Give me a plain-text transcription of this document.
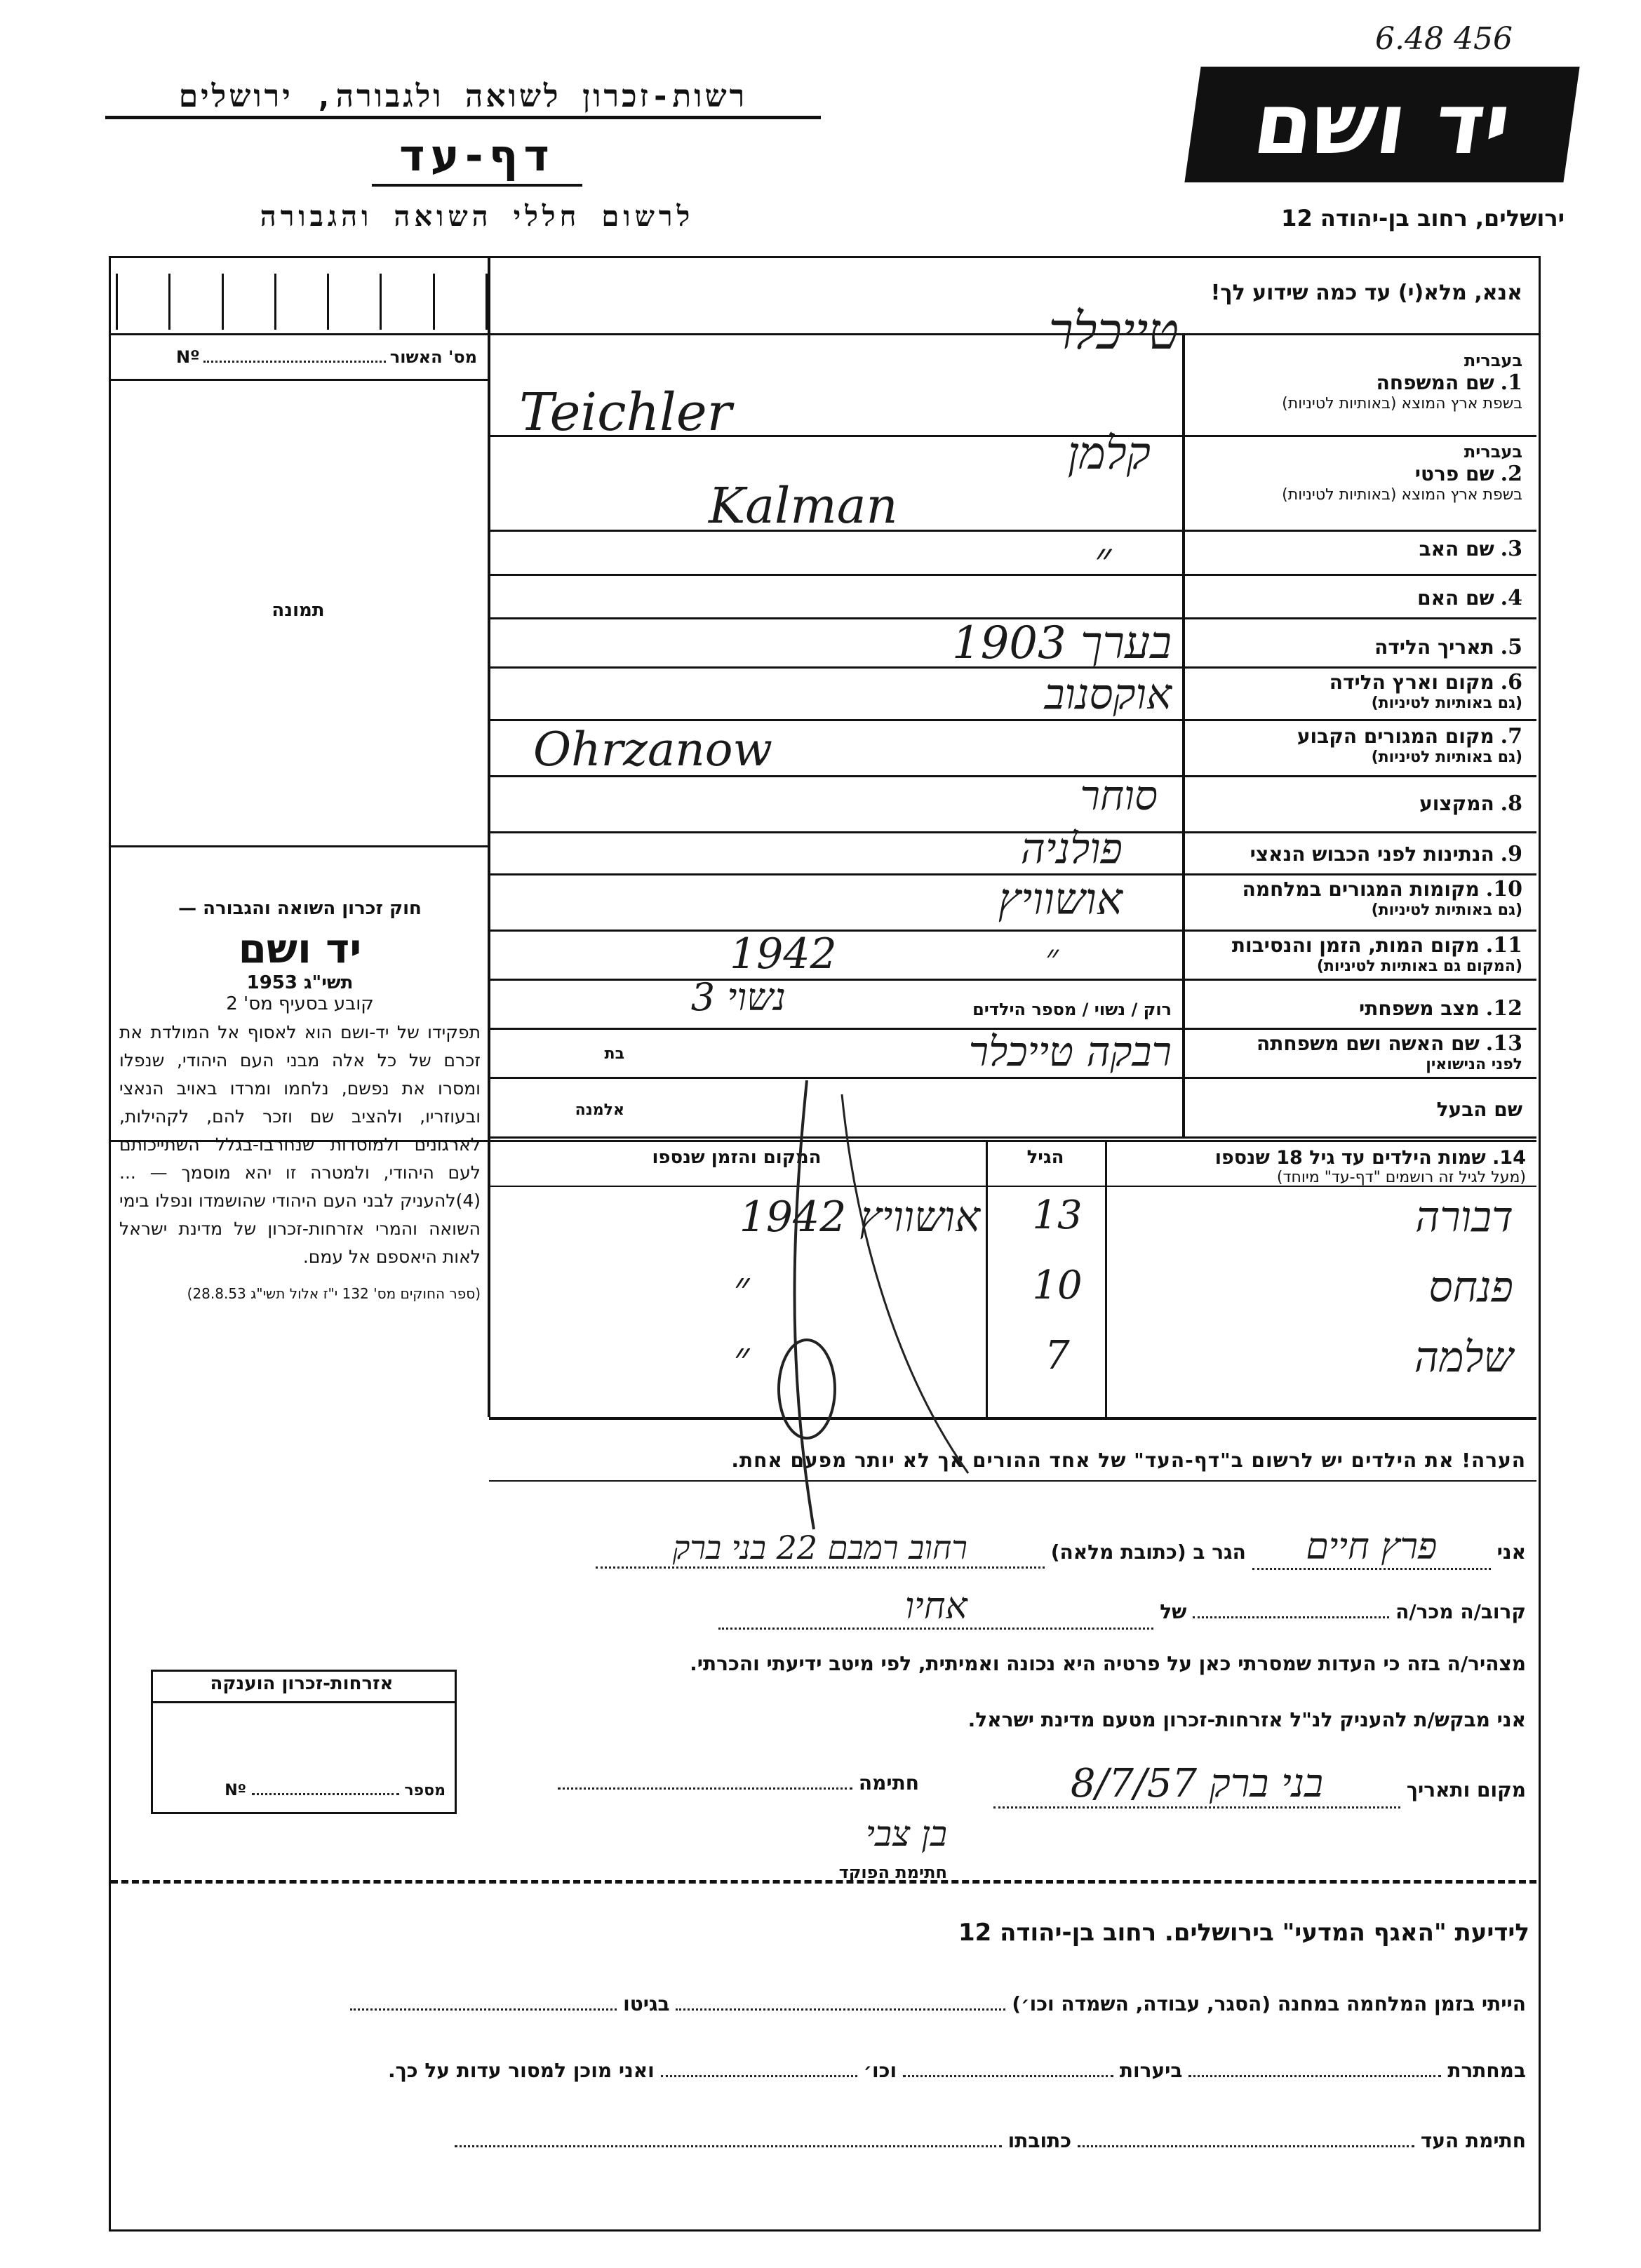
6.48 456
רשות-זכרון לשואה ולגבורה, ירושלים
דף-עד
לרשום חללי השואה והגבורה
יד ושם
ירושלים, רחוב בן-יהודה 12
אנא, מלא(י) עד כמה שידוע לך!
מס' האשור  Nº
תמונה
בעברית
1. שם המשפחה
בשפת ארץ המוצא (באותיות לטיניות)
טייכלר
Teichler
בעברית
2. שם פרטי
בשפת ארץ המוצא (באותיות לטיניות)
קלמן
Kalman
3. שם האב
״
4. שם האם
5. תאריך הלידה
בערך 1903
6. מקום וארץ הלידה
(גם באותיות לטיניות)
אוקסנוב
7. מקום המגורים הקבוע
(גם באותיות לטיניות)
Ohrzanow
8. המקצוע
סוחר
9. הנתינות לפני הכבוש הנאצי
פולניה
10. מקומות המגורים במלחמה
(גם באותיות לטיניות)
אושוויץ
11. מקום המות, הזמן והנסיבות
(המקום גם באותיות לטיניות)
1942	״
12. מצב משפחתי
רוק / נשוי / מספר הילדים
נשוי 3
13. שם האשה ושם משפחתה
לפני הנישואין
בת
אלמנה
רבקה טייכלר
שם הבעל
חוק זכרון השואה והגבורה —
יד ושם
תשי"ג 1953
קובע בסעיף מס' 2
תפקידו של יד-ושם הוא לאסוף אל המולדת את זכרם של כל אלה מבני העם היהודי, שנפלו ומסרו את נפשם, נלחמו ומרדו באויב הנאצי ובעוזריו, ולהציב שם וזכר להם, לקהילות, לארגונים ולמוסדות שנחרבו-בגלל השתייכותם לעם היהודי, ולמטרה זו יהא מוסמך — ...(4)להעניק לבני העם היהודי שהושמדו ונפלו בימי השואה והמרי אזרחות-זכרון של מדינת ישראל לאות היאספם אל עמם.
(ספר החוקים מס' 132 י"ז אלול תשי"ג 28.8.53)
14. שמות הילדים עד גיל 18 שנספו
(מעל לגיל זה רושמים "דף-עד" מיוחד)
הגיל
המקום והזמן שנספו
דבורה
13
אושוויץ 1942
פנחס
10
״
שלמה
7
״
הערה! את הילדים יש לרשום ב"דף-העד" של אחד ההורים אך לא יותר מפעם אחת.
אני פרץ חיים הגר ב (כתובת מלאה) רחוב רמבם 22 בני ברק
קרוב/ה מכר/ה  של אחיו
מצהיר/ה בזה כי העדות שמסרתי כאן על פרטיה היא נכונה ואמיתית, לפי מיטב ידיעתי והכרתי.
אני מבקש/ת להעניק לנ"ל אזרחות-זכרון מטעם מדינת ישראל.
מקום ותאריך בני ברק 8/7/57
חתימה
בן צבי
חתימת הפוקד
אזרחות-זכרון הוענקה
מספר  Nº
לידיעת "האגף המדעי" בירושלים. רחוב בן-יהודה 12
הייתי בזמן המלחמה במחנה (הסגר, עבודה, השמדה וכו׳)  בגיטו
במחתרת  ביערות  וכו׳  ואני מוכן למסור עדות על כך.
חתימת העד  כתובתו
